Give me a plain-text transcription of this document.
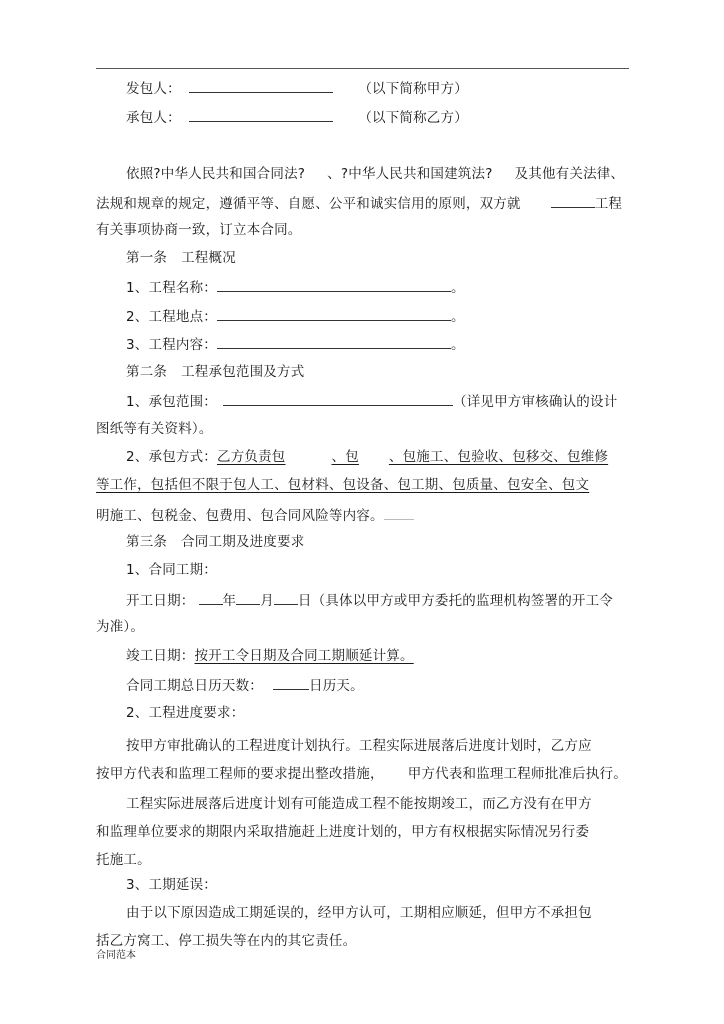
发包人：	（以下简称甲方）
承包人：	（以下简称乙方）
依照?中华人民共和国合同法? 、?中华人民共和国建筑法? 及其他有关法律、
法规和规章的规定，遵循平等、自愿、公平和诚实信用的原则，双方就	工程
有关事项协商一致，订立本合同。
第一条 工程概况
1、工程名称：	。
2、工程地点：	。
3、工程内容：	。
第二条 工程承包范围及方式
1、承包范围：	（详见甲方审核确认的设计
图纸等有关资料）。
2、承包方式：乙方负责包	、包 、包施工、包验收、包移交、包维修
等工作，包括但不限于包人工、包材料、包设备、包工期、包质量、包安全、包文
明施工、包税金、包费用、包合同风险等内容。
第三条 合同工期及进度要求
1、合同工期：
开工日期： 年 月 日（具体以甲方或甲方委托的监理机构签署的开工令
为准）。
竣工日期：按开工令日期及合同工期顺延计算。
合同工期总日历天数：	日历天。
2、工程进度要求：
按甲方审批确认的工程进度计划执行。工程实际进展落后进度计划时，乙方应
按甲方代表和监理工程师的要求提出整改措施， 甲方代表和监理工程师批准后执行。
工程实际进展落后进度计划有可能造成工程不能按期竣工，而乙方没有在甲方
和监理单位要求的期限内采取措施赶上进度计划的，甲方有权根据实际情况另行委
托施工。
3、工期延误：
由于以下原因造成工期延误的，经甲方认可，工期相应顺延，但甲方不承担包
括乙方窝工、停工损失等在内的其它责任。
合同范本
